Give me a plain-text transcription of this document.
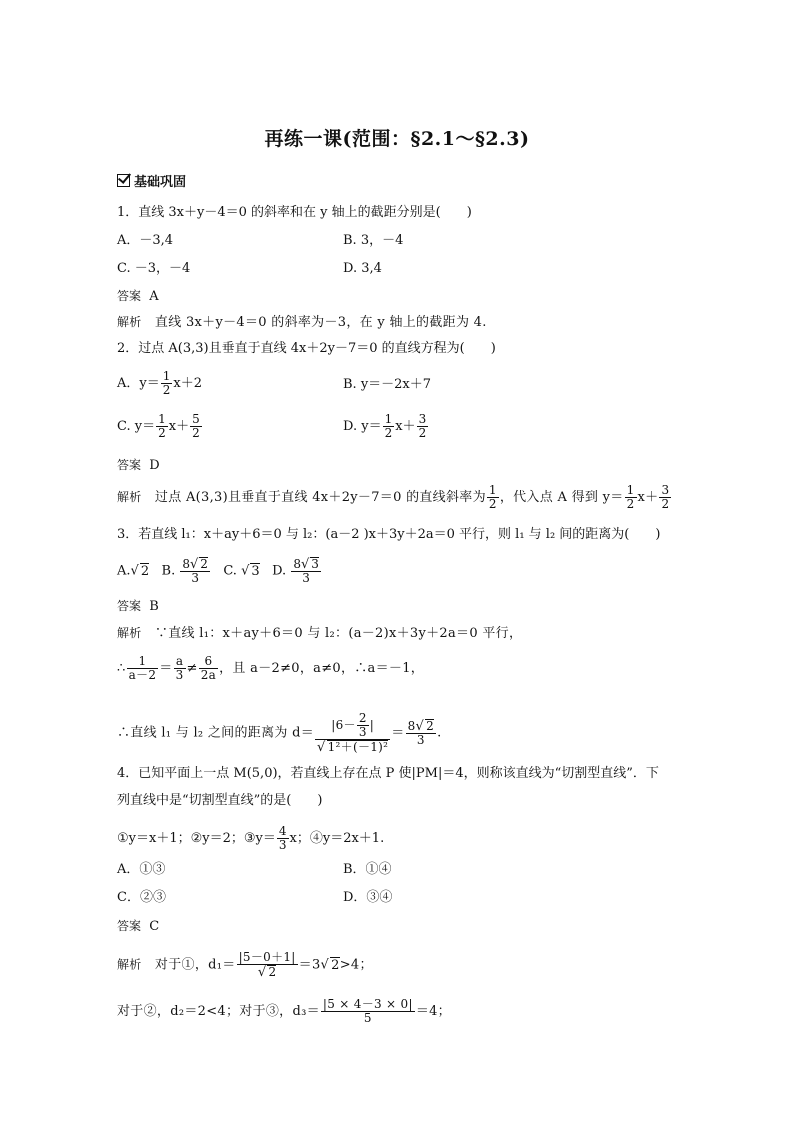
再练一课(范围：§2.1～§2.3)
基础巩固
1．直线 3x＋y－4＝0 的斜率和在 y 轴上的截距分别是(　　)
A．－3,4	B. 3，－4
C. －3，－4	D. 3,4
答案 A
解析 直线 3x＋y－4＝0 的斜率为－3，在 y 轴上的截距为 4.
2．过点 A(3,3)且垂直于直线 4x＋2y－7＝0 的直线方程为(　　)
A．$y= \frac{1}{2} x+2$	B. y＝－2x＋7
C. $y= \frac{1}{2} x+ \frac{5}{2}$	D. $y= \frac{1}{2} x+ \frac{3}{2}$
答案 D
解析 过点 A(3,3)且垂直于直线 4x＋2y－7＝0 的直线斜率为 $\frac{1}{2}$ ，代入点 A 得到 $y= \frac{1}{2} x+ \frac{3}{2}$
3．若直线 l₁：x＋ay＋6＝0 与 l₂：(a－2 )x＋3y＋2a＝0 平行，则 l₁ 与 l₂ 间的距离为(　　)
A.√ 2 B. $\frac{8√ 2}{3} C$. √ 3 D. $\frac{8√ 3}{3}$
答案 B
解析 ∵直线 l₁：x＋ay＋6＝0 与 l₂：(a－2)x＋3y＋2a＝0 平行，
∴ $\frac{1}{a-2} = \frac{a}{3} \ne \frac{6}{2a}$ ，且 a－2≠0，a≠0，∴a＝－1，
∴直线 l₁ 与 l₂ 之间的距离为 $d= \frac{|6- \frac{2}{3} |}{\text{√ 1²＋(－1)²}} = \frac{8√ 2}{3}$ .
4．已知平面上一点 M(5,0)，若直线上存在点 P 使|PM|＝4，则称该直线为“切割型直线”．下
列直线中是“切割型直线”的是(　　)
①y＝x＋1；②y＝2；③y＝ $\frac{4}{3}$ x；④y＝2x＋1.
A．①③	B．①④
C．②③	D．③④
答案 C
解析 对于①，$d_1= \frac{|5-0+1|}{√ 2} =3√$ 2>4；
对于②，d₂＝2<4；对于③，$d_3= \frac{|5 \times 4-3 \times 0|}{5} =4$；
